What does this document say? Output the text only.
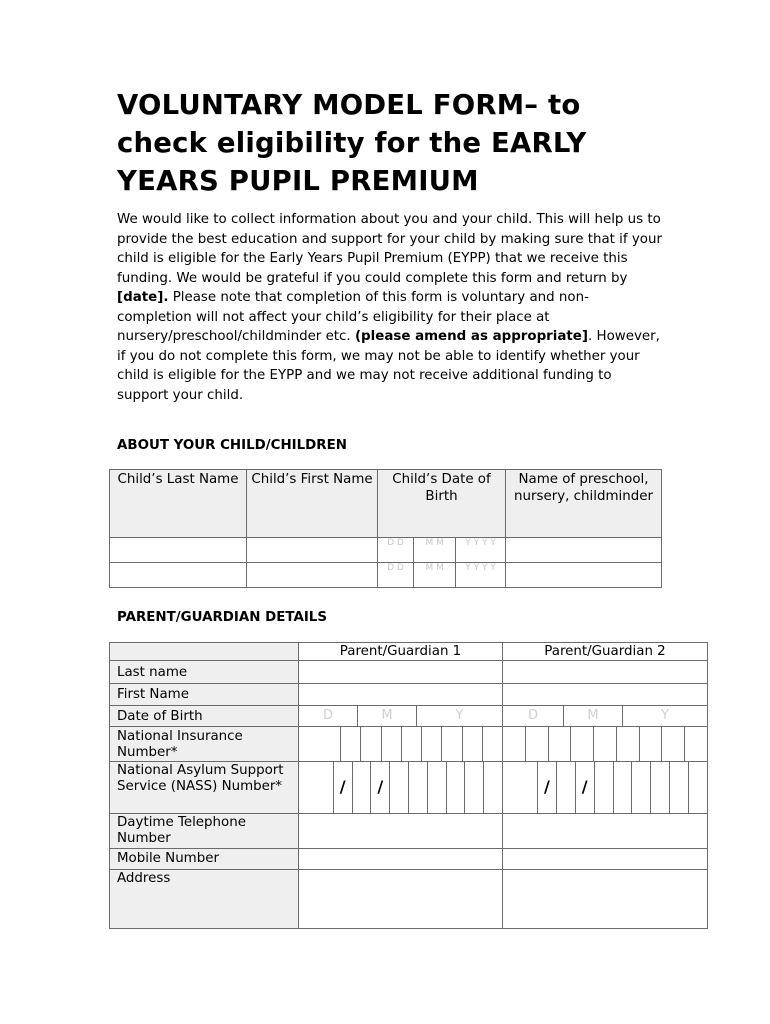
VOLUNTARY MODEL FORM– to check eligibility for the EARLY YEARS PUPIL PREMIUM

We would like to collect information about you and your child. This will help us to provide the best education and support for your child by making sure that if your child is eligible for the Early Years Pupil Premium (EYPP) that we receive this funding. We would be grateful if you could complete this form and return by [date]. Please note that completion of this form is voluntary and non-completion will not affect your child’s eligibility for their place at nursery/preschool/childminder etc. (please amend as appropriate]. However, if you do not complete this form, we may not be able to identify whether your child is eligible for the EYPP and we may not receive additional funding to support your child.

ABOUT YOUR CHILD/CHILDREN

Child’s Last Name	Child’s First Name	Child’s Date of Birth	Name of preschool, nursery, childminder

		D D M M Y Y Y Y	

		D D M M Y Y Y Y	

PARENT/GUARDIAN DETAILS

	Parent/Guardian 1	Parent/Guardian 2
Last name		
First Name		
Date of Birth	D M Y	D M Y

National Insurance Number*	

National Asylum Support Service (NASS) Number*	/ /	/ /

Daytime Telephone Number		
Mobile Number		
Address		
